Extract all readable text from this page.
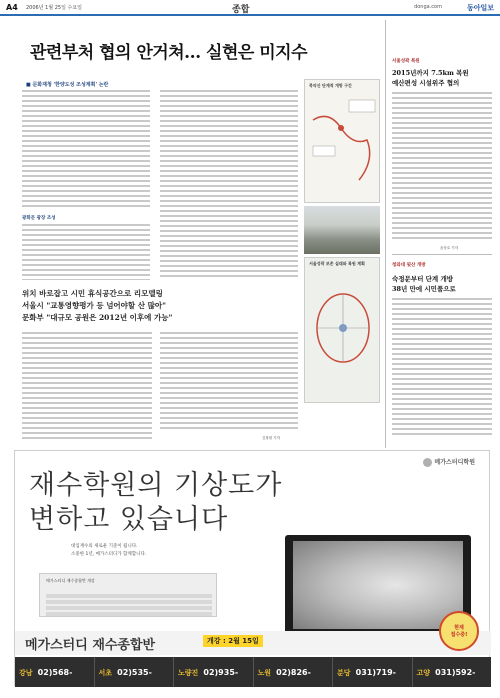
A4 2006년 1월 25일 수요일	종합	donga.com	동아일보
관련부처 협의 안거쳐… 실현은 미지수
■ 문화재청 '한양도성 조성계획' 논란
광화문 광장 조성
북악산 단계적 개방 구간
서울성곽 보존 실태와 복원 계획
위치 바로잡고 시민 휴식공간으로 리모델링
서울시 "교통영향평가 등 넘어야할 산 많아"
문화부 "대규모 공원은 2012년 이후에 가능"
김창원 기자
서울성곽 복원
2015년까지 7.5km 복원
예산편성 시설위주 협의
윤상호 기자
청와대 뒷산 개방
숙정문부터 단계 개방
38년 만에 시민품으로
메가스터디학원
재수학원의 기상도가
변하고 있습니다
대입재수의 새로운 기준이 됩니다.
소중한 1년, 메가스터디가 함께합니다.
메가스터디 재수종합반 개강
메가스터디 재수종합반	개강 : 2월 15일
현재
접수중!
강남 02)568-3800
서초 02)535-5678
노량진 02)935-3378
노원 02)826-1800
분당 031)719-3433
고양 031)592-3333
